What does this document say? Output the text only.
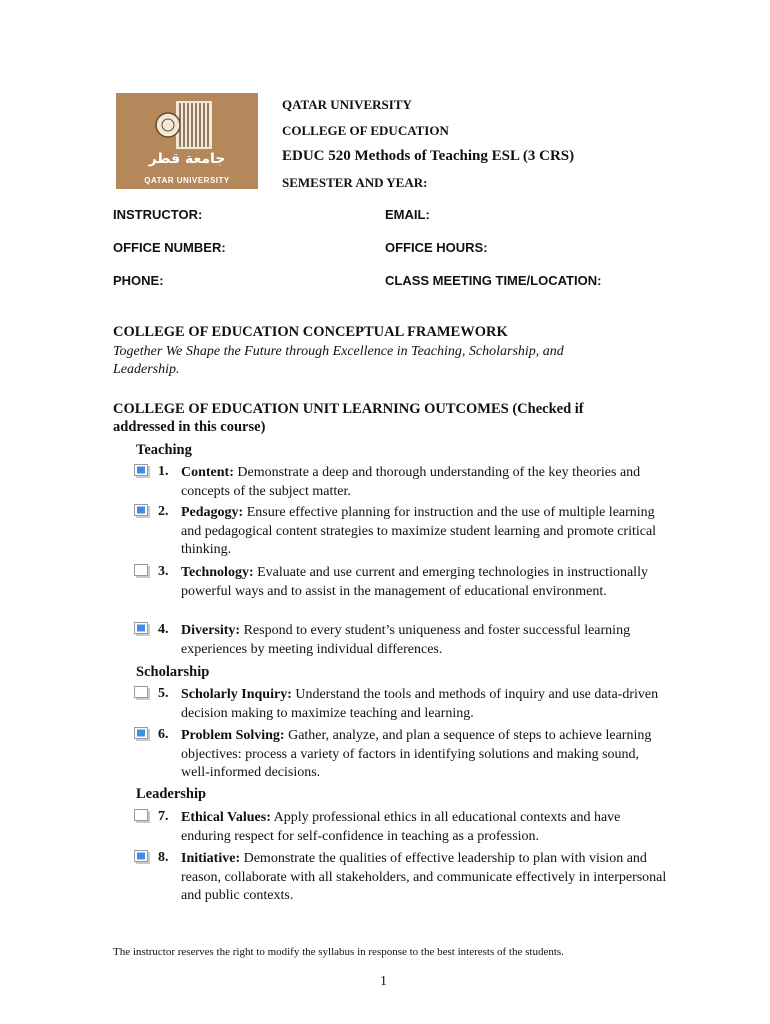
جامعة قطر
QATAR UNIVERSITY
QATAR UNIVERSITY
COLLEGE OF EDUCATION
EDUC 520 Methods of Teaching ESL (3 CRS)
SEMESTER AND YEAR:
INSTRUCTOR:	EMAIL:
OFFICE NUMBER:	OFFICE HOURS:
PHONE:	CLASS MEETING TIME/LOCATION:
COLLEGE OF EDUCATION CONCEPTUAL FRAMEWORK
Together We Shape the Future through Excellence in Teaching, Scholarship, and Leadership.
COLLEGE OF EDUCATION UNIT LEARNING OUTCOMES (Checked if
addressed in this course)
Teaching
Scholarship
Leadership
1. Content: Demonstrate a deep and thorough understanding of the key theories and concepts of the subject matter.
2. Pedagogy: Ensure effective planning for instruction and the use of multiple learning and pedagogical content strategies to maximize student learning and promote critical thinking.
3. Technology: Evaluate and use current and emerging technologies in instructionally powerful ways and to assist in the management of educational environment.
4. Diversity: Respond to every student’s uniqueness and foster successful learning experiences by meeting individual differences.
5. Scholarly Inquiry: Understand the tools and methods of inquiry and use data-driven decision making to maximize teaching and learning.
6. Problem Solving: Gather, analyze, and plan a sequence of steps to achieve learning objectives: process a variety of factors in identifying solutions and making sound, well-informed decisions.
7. Ethical Values: Apply professional ethics in all educational contexts and have enduring respect for self-confidence in teaching as a profession.
8. Initiative: Demonstrate the qualities of effective leadership to plan with vision and reason, collaborate with all stakeholders, and communicate effectively in interpersonal and public contexts.
The instructor reserves the right to modify the syllabus in response to the best interests of the students.
1
